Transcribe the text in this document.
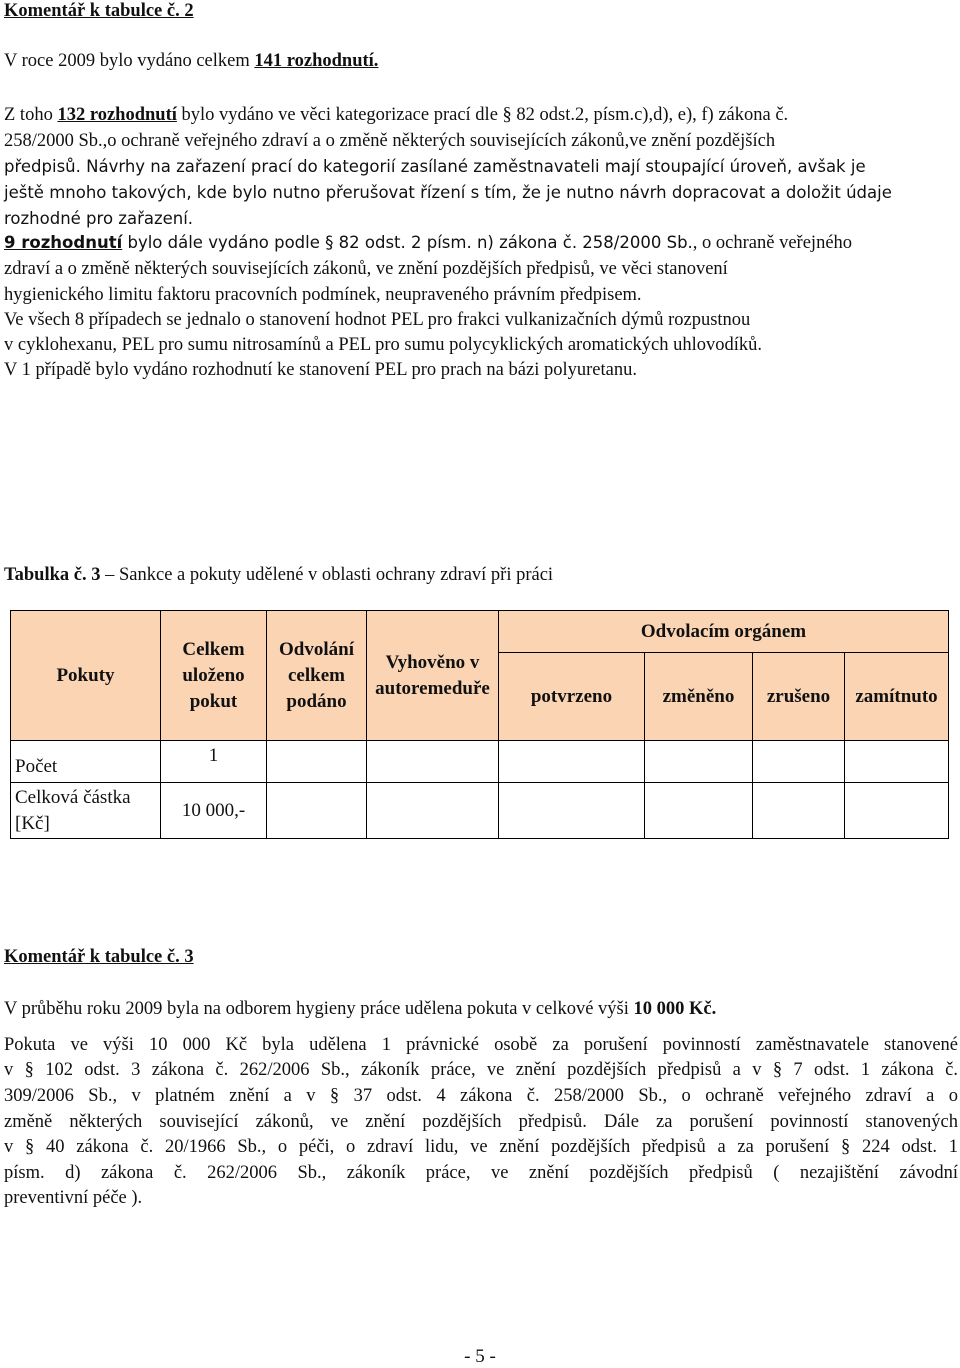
Komentář k tabulce č. 2
V roce 2009 bylo vydáno celkem 141 rozhodnutí.
Z toho 132 rozhodnutí bylo vydáno ve věci kategorizace prací dle § 82 odst.2, písm.c),d), e), f) zákona č.
258/2000 Sb.,o ochraně veřejného zdraví a o změně některých souvisejících zákonů,ve znění pozdějších
předpisů. Návrhy na zařazení prací do kategorií zasílané zaměstnavateli mají stoupající úroveň, avšak je
ještě mnoho takových, kde bylo nutno přerušovat řízení s tím, že je nutno návrh dopracovat a doložit údaje
rozhodné pro zařazení.
9 rozhodnutí bylo dále vydáno podle § 82 odst. 2 písm. n) zákona č. 258/2000 Sb., o ochraně veřejného
zdraví a o změně některých souvisejících zákonů, ve znění pozdějších předpisů, ve věci stanovení
hygienického limitu faktoru pracovních podmínek, neupraveného právním předpisem.
Ve všech 8 případech se jednalo o stanovení hodnot PEL pro frakci vulkanizačních dýmů rozpustnou
v cyklohexanu, PEL pro sumu nitrosamínů a PEL pro sumu polycyklických aromatických uhlovodíků.
V 1 případě bylo vydáno rozhodnutí ke stanovení PEL pro prach na bázi polyuretanu.
Tabulka č. 3 – Sankce a pokuty udělené v oblasti ochrany zdraví při práci
Pokuty	Celkem uloženo pokut	Odvolání celkem podáno	Vyhověno v autoremeduře	Odvolacím orgánem			
				potvrzeno	změněno	zrušeno	zamítnuto
Počet	1						
Celková částka [Kč]	10 000,-						
Komentář k tabulce č. 3
V průběhu roku 2009 byla na odborem hygieny práce udělena pokuta v celkové výši 10 000 Kč.
Pokuta ve výši 10 000 Kč byla udělena 1 právnické osobě za porušení povinností zaměstnavatele stanovené
v § 102 odst. 3 zákona č. 262/2006 Sb., zákoník práce, ve znění pozdějších předpisů a v § 7 odst. 1 zákona č.
309/2006 Sb., v platném znění a v § 37 odst. 4 zákona č. 258/2000 Sb., o ochraně veřejného zdraví a o
změně některých související zákonů, ve znění pozdějších předpisů. Dále za porušení povinností stanovených
v § 40 zákona č. 20/1966 Sb., o péči, o zdraví lidu, ve znění pozdějších předpisů a za porušení § 224 odst. 1
písm. d) zákona č. 262/2006 Sb., zákoník práce, ve znění pozdějších předpisů ( nezajištění závodní
preventivní péče ).
- 5 -
